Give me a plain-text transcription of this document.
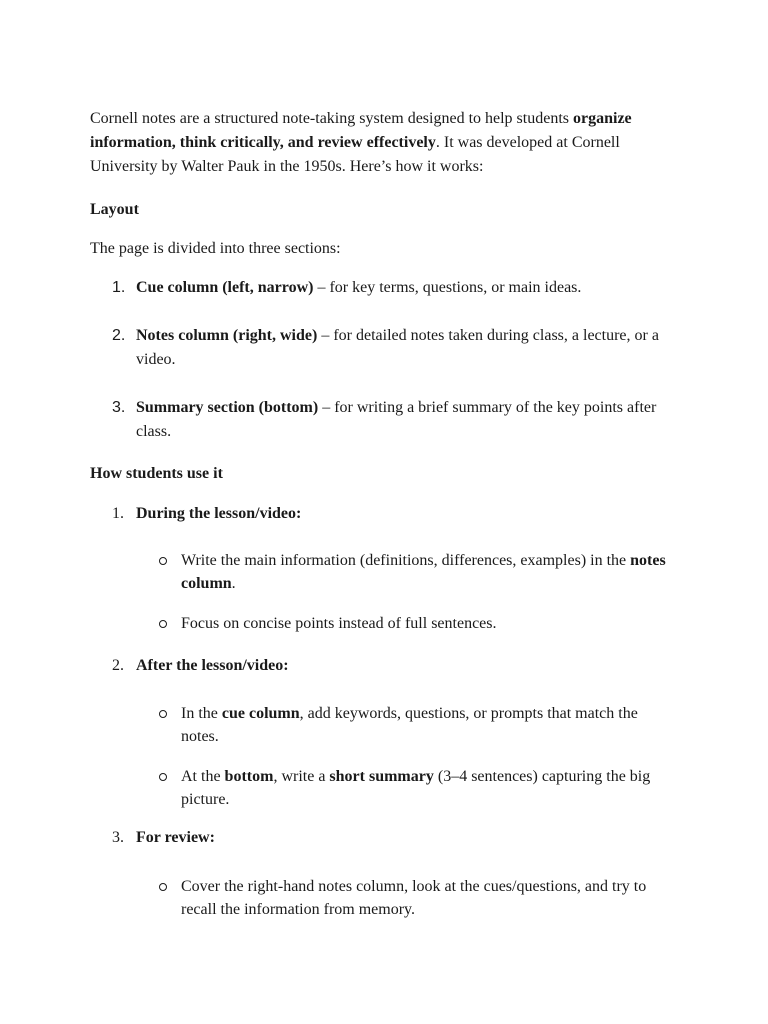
Cornell notes are a structured note-taking system designed to help students organize information, think critically, and review effectively. It was developed at Cornell University by Walter Pauk in the 1950s. Here’s how it works:

Layout

The page is divided into three sections:

1. Cue column (left, narrow) – for key terms, questions, or main ideas.

2. Notes column (right, wide) – for detailed notes taken during class, a lecture, or a video.

3. Summary section (bottom) – for writing a brief summary of the key points after class.

How students use it

1. During the lesson/video:

Write the main information (definitions, differences, examples) in the notes column.

Focus on concise points instead of full sentences.

2. After the lesson/video:

In the cue column, add keywords, questions, or prompts that match the notes.

At the bottom, write a short summary (3–4 sentences) capturing the big picture.

3. For review:

Cover the right-hand notes column, look at the cues/questions, and try to recall the information from memory.
